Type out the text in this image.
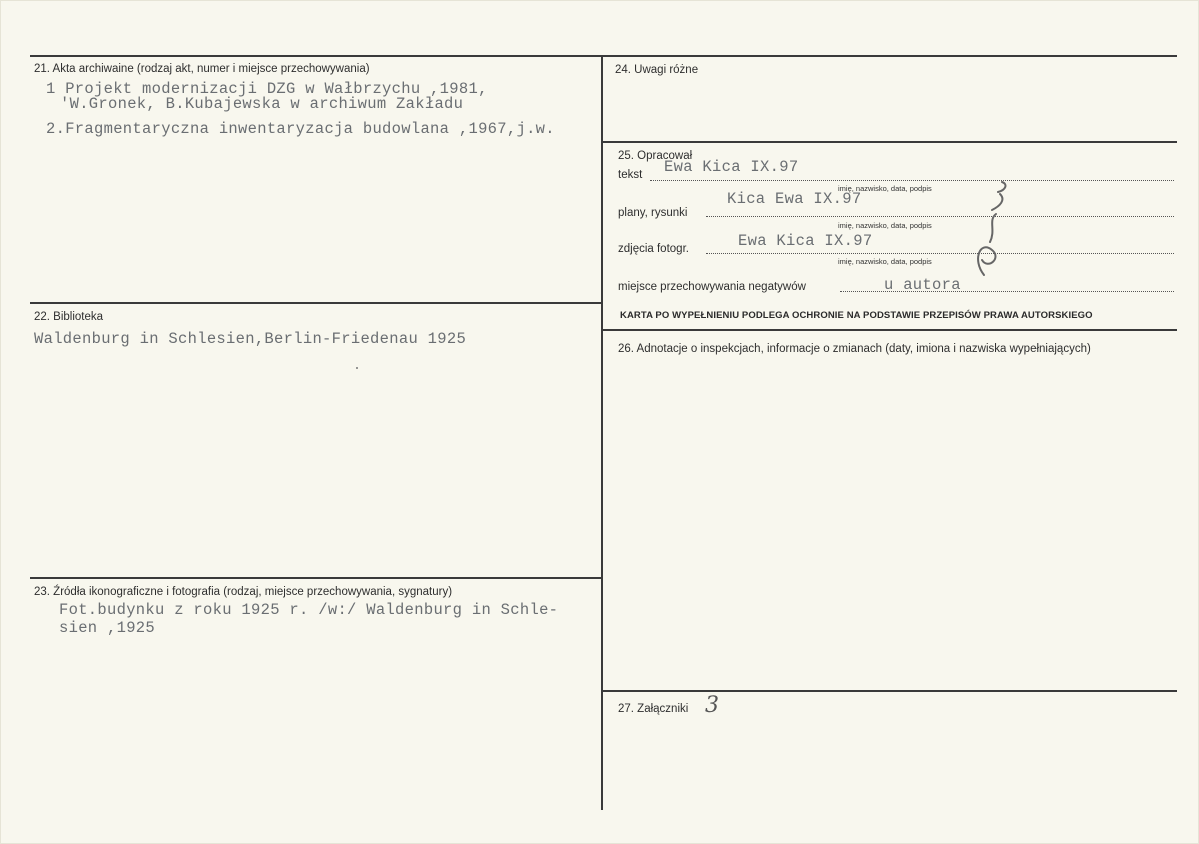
21. Akta archiwaine (rodzaj akt, numer i miejsce przechowywania)
1 Projekt modernizacji DZG w Wałbrzychu ,1981,
'W.Gronek, B.Kubajewska w archiwum Zakładu
2.Fragmentaryczna inwentaryzacja budowlana ,1967,j.w.
22. Biblioteka
Waldenburg in Schlesien,Berlin-Friedenau 1925
23. Źródła ikonograficzne i fotografia (rodzaj, miejsce przechowywania, sygnatury)
Fot.budynku z roku 1925 r. /w:/ Waldenburg in Schle-
sien ,1925
24. Uwagi różne
25. Opracował
tekst Ewa Kica IX.97
imię, nazwisko, data, podpis
plany, rysunki
Kica Ewa IX.97
imię, nazwisko, data, podpis
zdjęcia fotogr.	Ewa Kica IX.97
imię, nazwisko, data, podpis
miejsce przechowywania negatywów	u autora
KARTA PO WYPEŁNIENIU PODLEGA OCHRONIE NA PODSTAWIE PRZEPISÓW PRAWA AUTORSKIEGO
26. Adnotacje o inspekcjach, informacje o zmianach (daty, imiona i nazwiska wypełniających)
27. Załączniki 3
